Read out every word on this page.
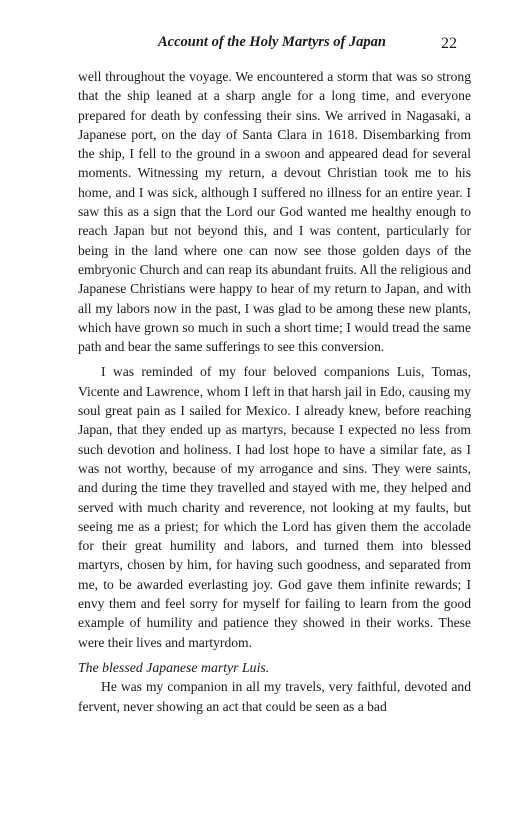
Account of the Holy Martyrs of Japan	22

well throughout the voyage. We encountered a storm that was so strong that the ship leaned at a sharp angle for a long time, and everyone prepared for death by confessing their sins. We arrived in Nagasaki, a Japanese port, on the day of Santa Clara in 1618. Disembarking from the ship, I fell to the ground in a swoon and appeared dead for several moments. Witnessing my return, a devout Christian took me to his home, and I was sick, although I suffered no illness for an entire year. I saw this as a sign that the Lord our God wanted me healthy enough to reach Japan but not beyond this, and I was content, particularly for being in the land where one can now see those golden days of the embryonic Church and can reap its abundant fruits. All the religious and Japanese Christians were happy to hear of my return to Japan, and with all my labors now in the past, I was glad to be among these new plants, which have grown so much in such a short time; I would tread the same path and bear the same sufferings to see this conversion.

I was reminded of my four beloved companions Luis, Tomas, Vicente and Lawrence, whom I left in that harsh jail in Edo, causing my soul great pain as I sailed for Mexico. I already knew, before reaching Japan, that they ended up as martyrs, because I expected no less from such devotion and holiness. I had lost hope to have a similar fate, as I was not worthy, because of my arrogance and sins. They were saints, and during the time they travelled and stayed with me, they helped and served with much charity and reverence, not looking at my faults, but seeing me as a priest; for which the Lord has given them the accolade for their great humility and labors, and turned them into blessed martyrs, chosen by him, for having such goodness, and separated from me, to be awarded everlasting joy. God gave them infinite rewards; I envy them and feel sorry for myself for failing to learn from the good example of humility and patience they showed in their works. These were their lives and martyrdom.

The blessed Japanese martyr Luis.

He was my companion in all my travels, very faithful, devoted and fervent, never showing an act that could be seen as a bad
